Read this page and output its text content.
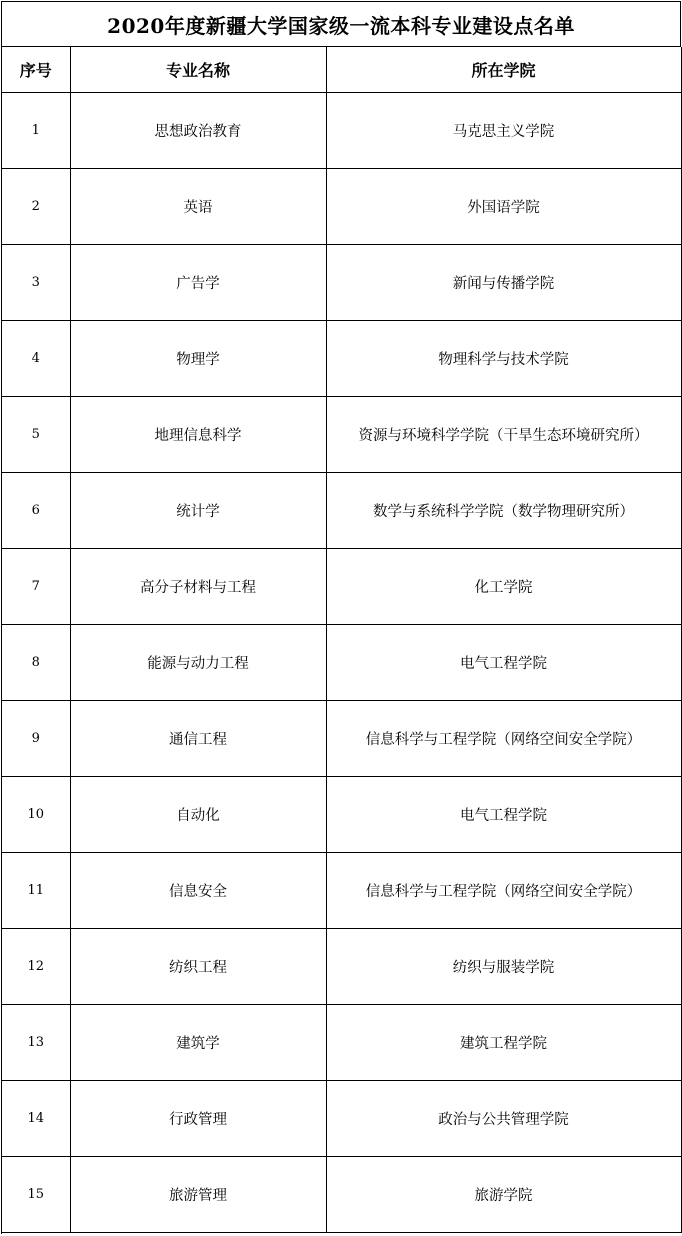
2020年度新疆大学国家级一流本科专业建设点名单
序号	专业名称	所在学院
1	思想政治教育	马克思主义学院
2	英语	外国语学院
3	广告学	新闻与传播学院
4	物理学	物理科学与技术学院
5	地理信息科学	资源与环境科学学院（干旱生态环境研究所）
6	统计学	数学与系统科学学院（数学物理研究所）
7	高分子材料与工程	化工学院
8	能源与动力工程	电气工程学院
9	通信工程	信息科学与工程学院（网络空间安全学院）
10	自动化	电气工程学院
11	信息安全	信息科学与工程学院（网络空间安全学院）
12	纺织工程	纺织与服装学院
13	建筑学	建筑工程学院
14	行政管理	政治与公共管理学院
15	旅游管理	旅游学院
